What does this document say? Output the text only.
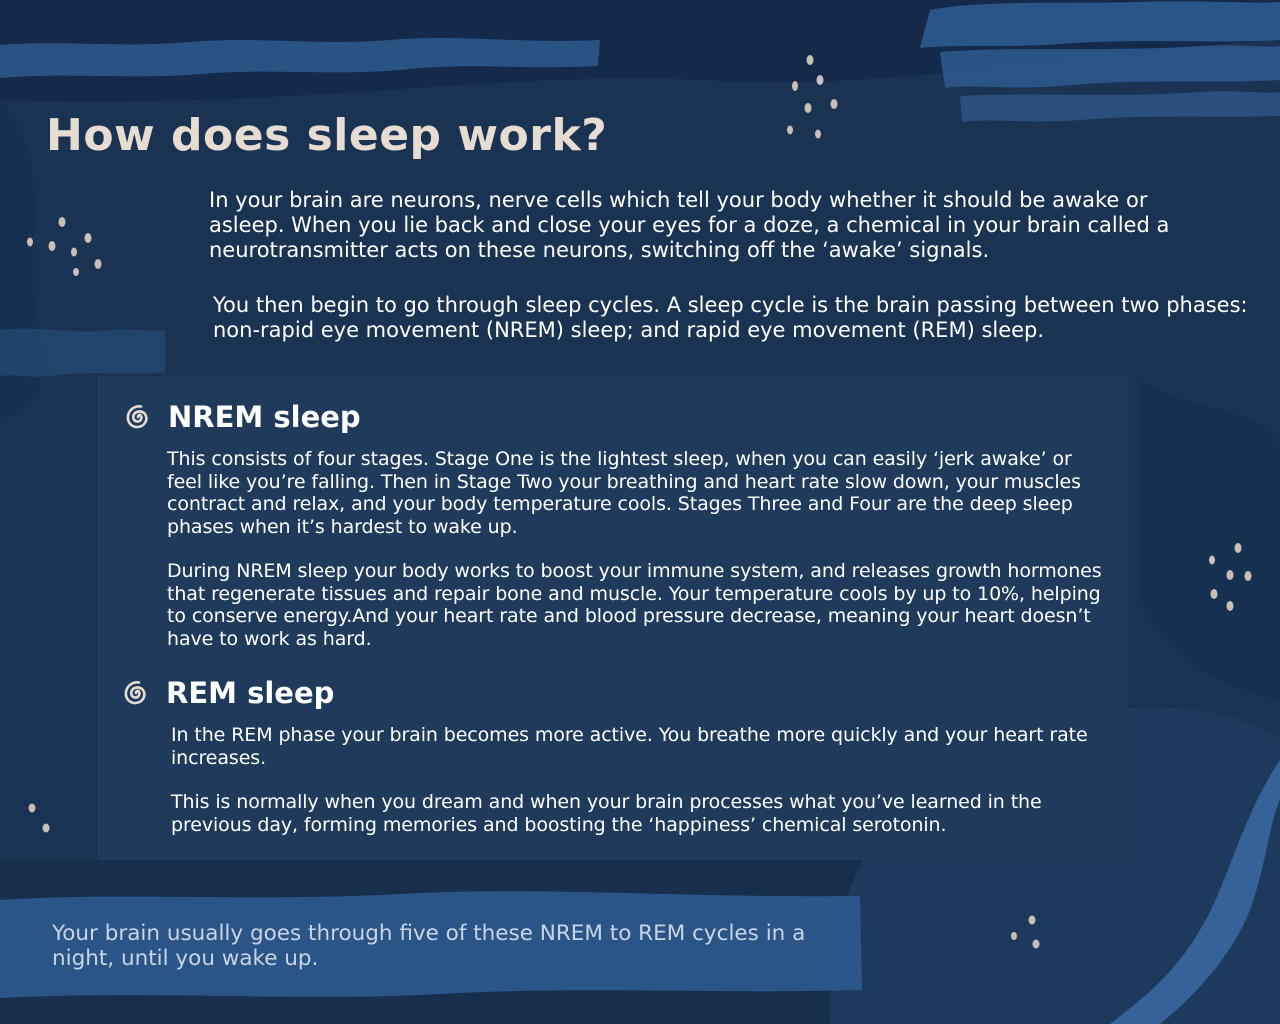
How does sleep work?

In your brain are neurons, nerve cells which tell your body whether it should be awake or asleep. When you lie back and close your eyes for a doze, a chemical in your brain called a neurotransmitter acts on these neurons, switching off the ‘awake’ signals.

You then begin to go through sleep cycles. A sleep cycle is the brain passing between two phases: non-rapid eye movement (NREM) sleep; and rapid eye movement (REM) sleep.

NREM sleep

This consists of four stages. Stage One is the lightest sleep, when you can easily ‘jerk awake’ or feel like you’re falling. Then in Stage Two your breathing and heart rate slow down, your muscles contract and relax, and your body temperature cools. Stages Three and Four are the deep sleep phases when it’s hardest to wake up.

During NREM sleep your body works to boost your immune system, and releases growth hormones that regenerate tissues and repair bone and muscle. Your temperature cools by up to 10%, helping to conserve energy.And your heart rate and blood pressure decrease, meaning your heart doesn’t have to work as hard.

REM sleep

In the REM phase your brain becomes more active. You breathe more quickly and your heart rate increases.

This is normally when you dream and when your brain processes what you’ve learned in the previous day, forming memories and boosting the ‘happiness’ chemical serotonin.

Your brain usually goes through five of these NREM to REM cycles in a night, until you wake up.
